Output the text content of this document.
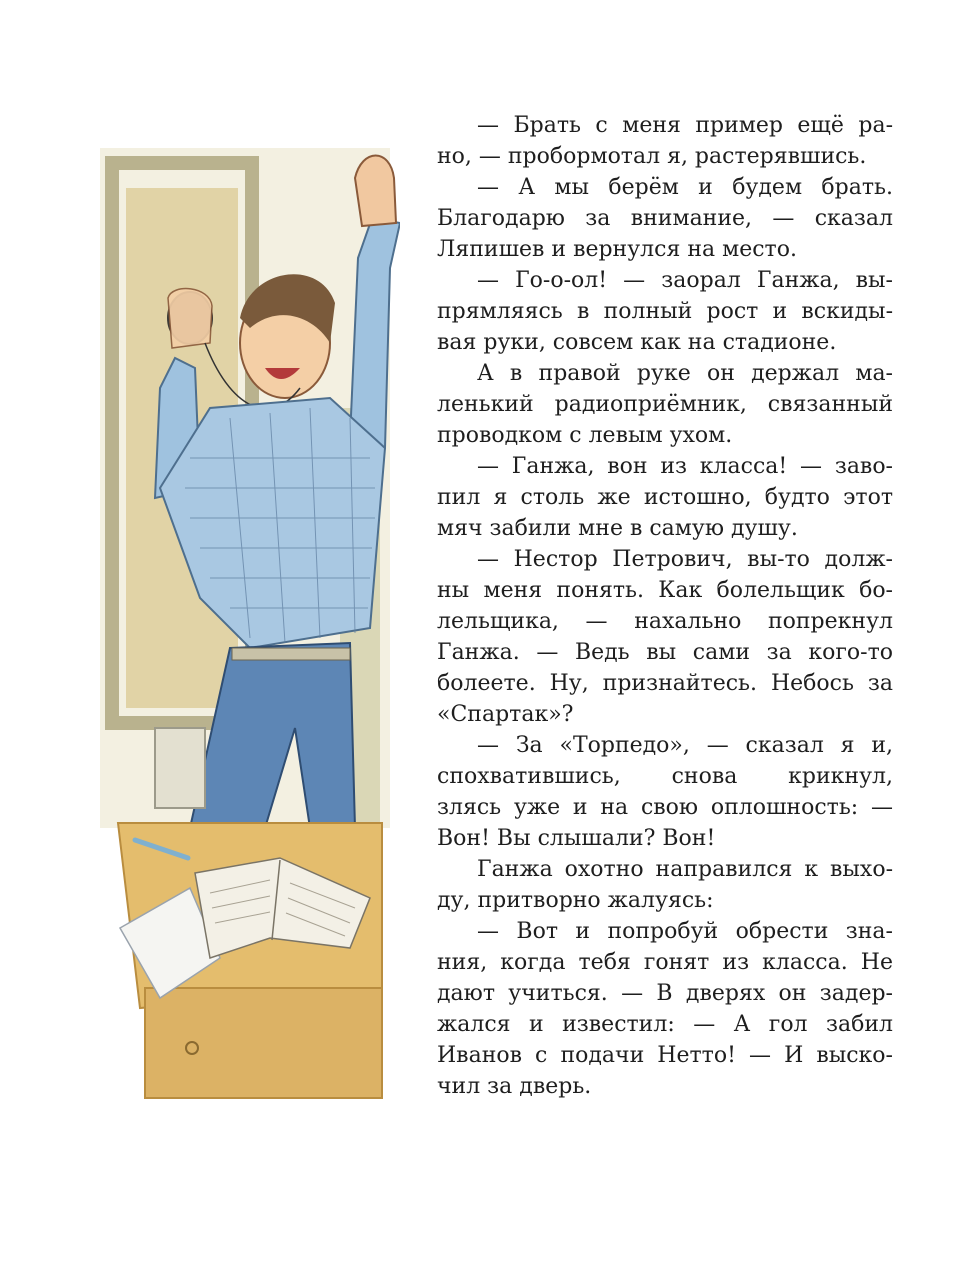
— Брать с меня пример ещё ра-
но, — пробормотал я, растерявшись.
— А мы берём и будем брать.
Благодарю за внимание, — сказал
Ляпишев и вернулся на место.
— Го-о-ол! — заорал Ганжа, вы-
прямляясь в полный рост и вскиды-
вая руки, совсем как на стадионе.
А в правой руке он держал ма-
ленький радиоприёмник, связанный
проводком с левым ухом.
— Ганжа, вон из класса! — заво-
пил я столь же истошно, будто этот
мяч забили мне в самую душу.
— Нестор Петрович, вы-то долж-
ны меня понять. Как болельщик бо-
лельщика, — нахально попрекнул
Ганжа. — Ведь вы сами за кого-то
болеете. Ну, признайтесь. Небось за
«Спартак»?
— За «Торпедо», — сказал я и,
спохватившись, снова крикнул,
злясь уже и на свою оплошность: —
Вон! Вы слышали? Вон!
Ганжа охотно направился к выхо-
ду, притворно жалуясь:
— Вот и попробуй обрести зна-
ния, когда тебя гонят из класса. Не
дают учиться. — В дверях он задер-
жался и известил: — А гол забил
Иванов с подачи Нетто! — И выско-
чил за дверь.
